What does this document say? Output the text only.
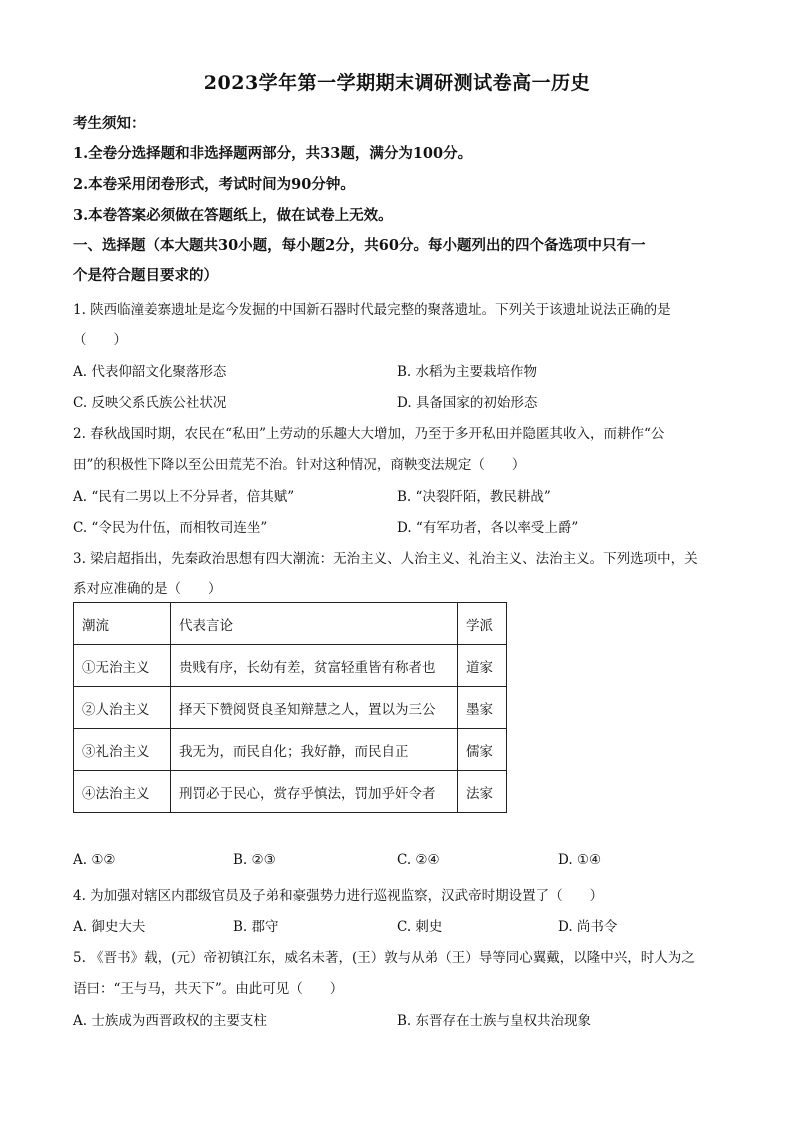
2023学年第一学期期末调研测试卷高一历史
考生须知：
1.全卷分选择题和非选择题两部分，共33题，满分为100分。
2.本卷采用闭卷形式，考试时间为90分钟。
3.本卷答案必须做在答题纸上，做在试卷上无效。
一、选择题（本大题共30小题，每小题2分，共60分。每小题列出的四个备选项中只有一
个是符合题目要求的）
1. 陕西临潼姜寨遗址是迄今发掘的中国新石器时代最完整的聚落遗址。下列关于该遗址说法正确的是
（　　）
A. 代表仰韶文化聚落形态	B. 水稻为主要栽培作物
C. 反映父系氏族公社状况	D. 具备国家的初始形态
2. 春秋战国时期，农民在“私田”上劳动的乐趣大大增加，乃至于多开私田并隐匿其收入，而耕作“公
田”的积极性下降以至公田荒芜不治。针对这种情况，商鞅变法规定（　　）
A. “民有二男以上不分异者，倍其赋”	B. “决裂阡陌，教民耕战”
C. “令民为什伍，而相牧司连坐”	D. “有军功者，各以率受上爵”
3. 梁启超指出，先秦政治思想有四大潮流：无治主义、人治主义、礼治主义、法治主义。下列选项中，关
系对应准确的是（　　）
潮流	代表言论	学派
①无治主义	贵贱有序，长幼有差，贫富轻重皆有称者也	道家
②人治主义	择天下赞阅贤良圣知辩慧之人，置以为三公	墨家
③礼治主义	我无为，而民自化；我好静，而民自正	儒家
④法治主义	刑罚必于民心，赏存乎慎法，罚加乎奸令者	法家
A. ①②	B. ②③	C. ②④	D. ①④
4. 为加强对辖区内郡级官员及子弟和豪强势力进行巡视监察，汉武帝时期设置了（　　）
A. 御史大夫	B. 郡守	C. 刺史	D. 尚书令
5. 《晋书》载，(元）帝初镇江东，威名未著，(王）敦与从弟（王）导等同心翼戴，以隆中兴，时人为之
语曰：“王与马，共天下”。由此可见（　　）
A. 士族成为西晋政权的主要支柱	B. 东晋存在士族与皇权共治现象
